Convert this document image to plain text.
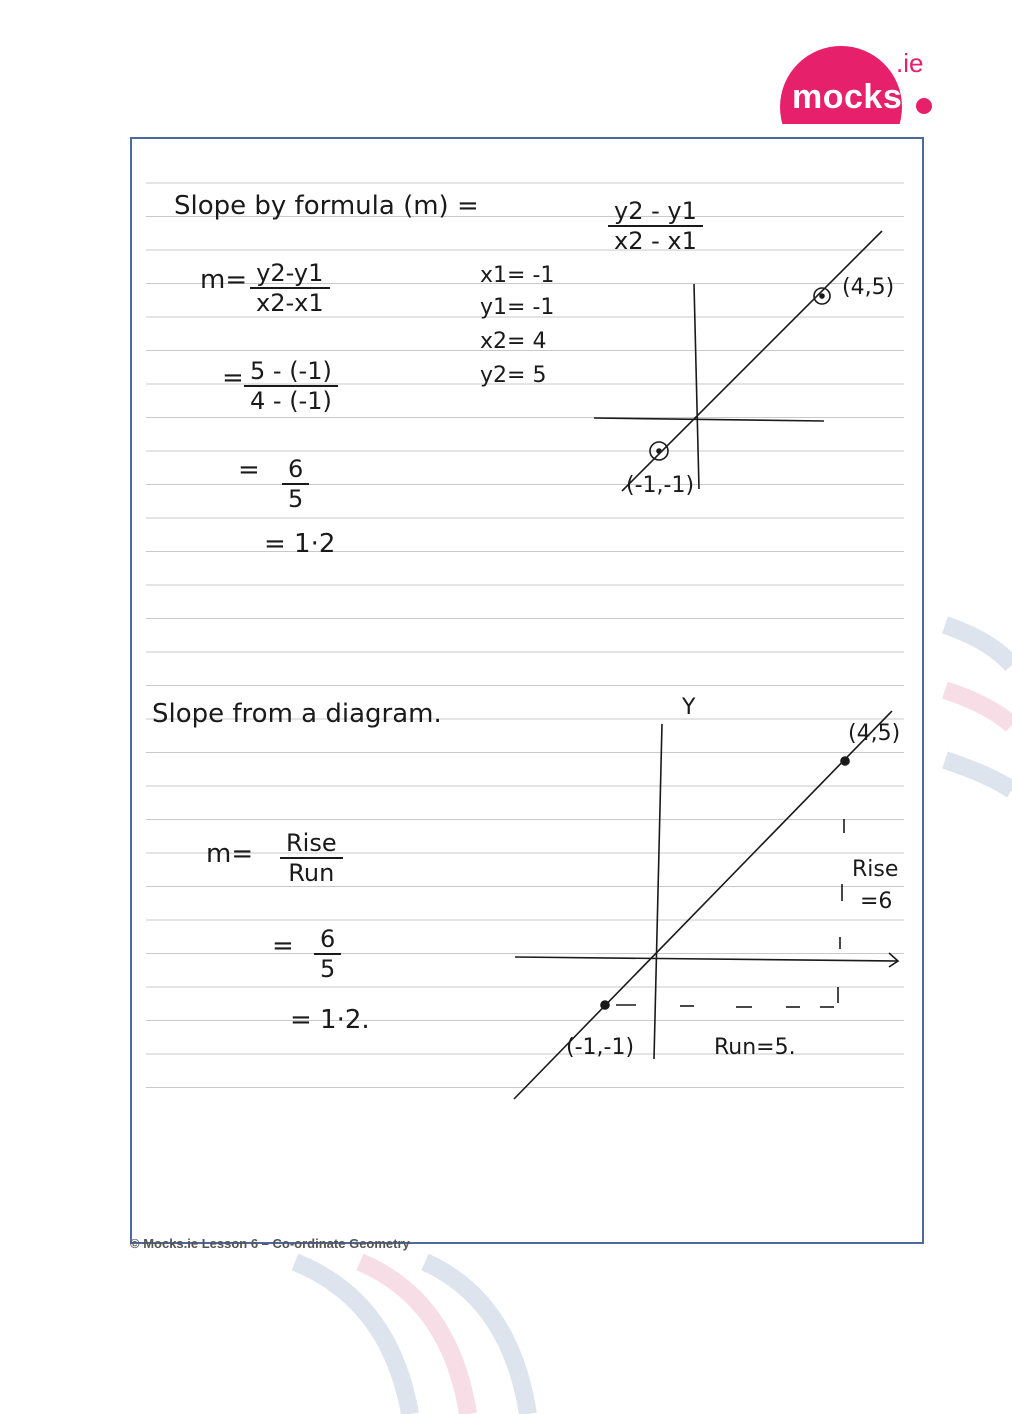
mocks
.ie
Slope by formula (m) =	$\frac{y2 - y1}{x2 - x1}$
$m= \frac{y2-y1}{x2-x1}$
= $\frac{5 - (-1)}{4 - (-1)}$
= $\frac{6}{5}$
= 1·2
x1= -1
y1= -1
x2= 4
y2= 5
(4,5)
(-1,-1)
Slope from a diagram.	Y
m= Rise
Run
= $\frac{6}{5}$
= 1·2.
(4,5)
(-1,-1)
Rise
=6
Run=5.
© Mocks.ie Lesson 6 – Co-ordinate Geometry
